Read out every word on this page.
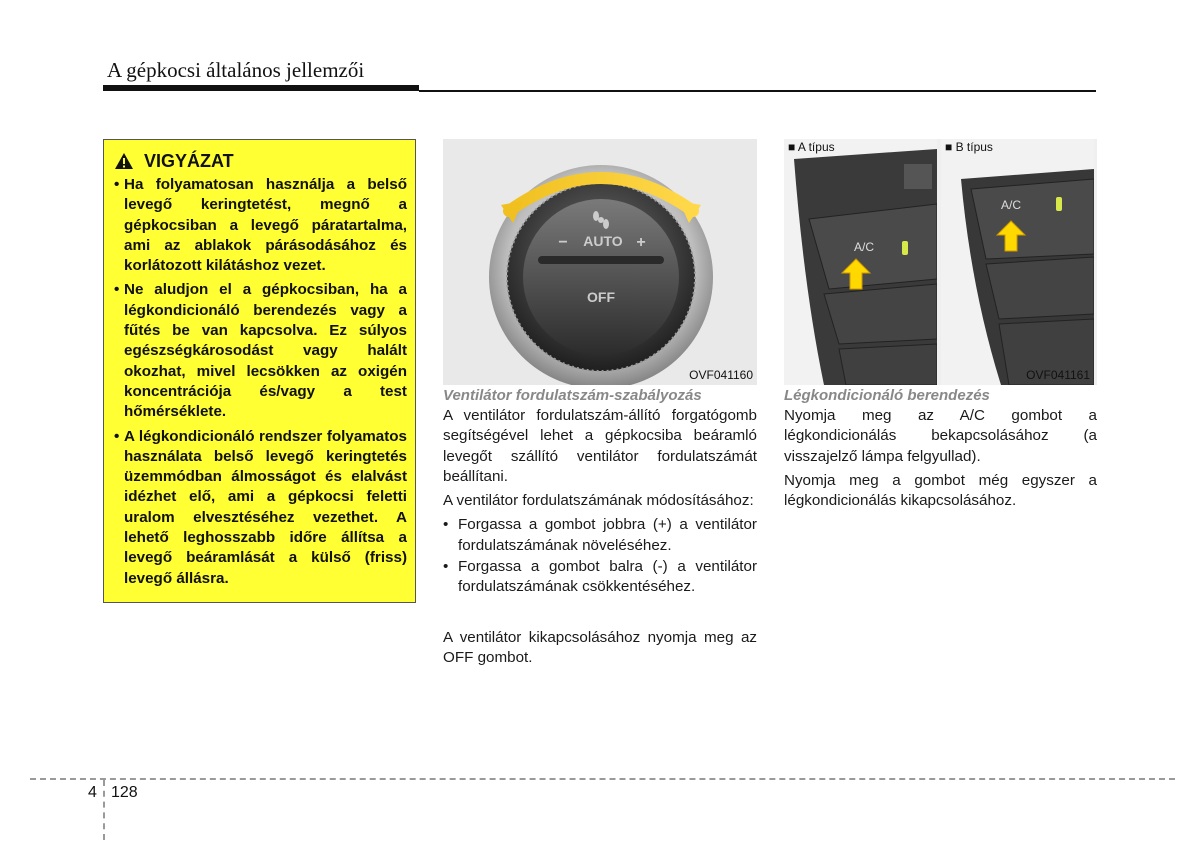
A gépkocsi általános jellemzői
VIGYÁZAT
• Ha folyamatosan használja a belső levegő keringtetést, megnő a gépkocsiban a levegő páratartalma, ami az ablakok párásodásához és korlátozott kilátáshoz vezet.
• Ne aludjon el a gépkocsiban, ha a légkondicionáló berendezés vagy a fűtés be van kapcsolva. Ez súlyos egészségkárosodást vagy halált okozhat, mivel lecsökken az oxigén koncentrációja és/vagy a test hőmérséklete.
• A légkondicionáló rendszer folyamatos használata belső levegő keringtetés üzemmódban álmosságot és elalvást idézhet elő, ami a gépkocsi feletti uralom elvesztéséhez vezethet. A lehető leghosszabb időre állítsa a levegő beáramlását a külső (friss) levegő állásra.
AUTO
−	+
OFF
OVF041160
A/C
■ A típus
A/C
■ B típus
OVF041161
Ventilátor fordulatszám-szabályozás

A ventilátor fordulatszám-állító forgatógomb segítségével lehet a gépkocsiba beáramló levegőt szállító ventilátor fordulatszámát beállítani.

A ventilátor fordulatszámának módosításához:

• Forgassa a gombot jobbra (+) a ventilátor fordulatszámának növeléséhez.
• Forgassa a gombot balra (-) a ventilátor fordulatszámának csökkentéséhez.

A ventilátor kikapcsolásához nyomja meg az OFF gombot.

Légkondicionáló berendezés

Nyomja meg az A/C gombot a légkondicionálás bekapcsolásához (a visszajelző lámpa felgyullad).

Nyomja meg a gombot még egyszer a légkondicionálás kikapcsolásához.

4 128
